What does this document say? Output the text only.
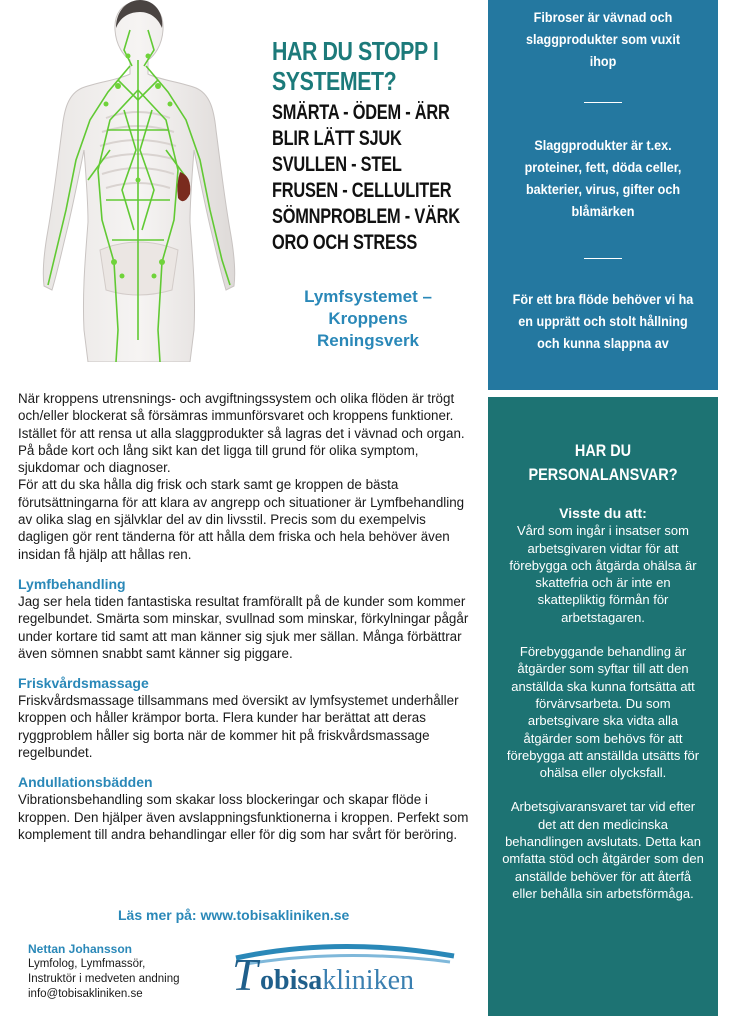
HAR DU STOPP I
SYSTEMET?
SMÄRTA - ÖDEM - ÄRR
BLIR LÄTT SJUK
SVULLEN - STEL
FRUSEN - CELLULITER
SÖMNPROBLEM - VÄRK
ORO OCH STRESS
Lymfsystemet –
Kroppens
Reningsverk
Fibroser är vävnad och slaggprodukter som vuxit ihop
Slaggprodukter är t.ex. proteiner, fett, döda celler, bakterier, virus, gifter och blåmärken
För ett bra flöde behöver vi ha en upprätt och stolt hållning och kunna slappna av
HAR DU
PERSONALANSVAR?
Visste du att:

Vård som ingår i insatser som arbetsgivaren vidtar för att förebygga och åtgärda ohälsa är skattefria och är inte en skattepliktig förmån för arbetstagaren.

Förebyggande behandling är åtgärder som syftar till att den anställda ska kunna fortsätta att förvärvsarbeta. Du som arbetsgivare ska vidta alla åtgärder som behövs för att förebygga att anställda utsätts för ohälsa eller olycksfall.

Arbetsgivaransvaret tar vid efter det att den medicinska behandlingen avslutats. Detta kan omfatta stöd och åtgärder som den anställde behöver för att återfå eller behålla sin arbetsförmåga.

När kroppens utrensnings- och avgiftningssystem och olika flöden är trögt och/eller blockerat så försämras immunförsvaret och kroppens funktioner. Istället för att rensa ut alla slaggprodukter så lagras det i vävnad och organ.

På både kort och lång sikt kan det ligga till grund för olika symptom, sjukdomar och diagnoser.

För att du ska hålla dig frisk och stark samt ge kroppen de bästa förutsättningarna för att klara av angrepp och situationer är Lymfbehandling av olika slag en självklar del av din livsstil. Precis som du exempelvis dagligen gör rent tänderna för att hålla dem friska och hela behöver även insidan få hjälp att hållas ren.

Lymfbehandling

Jag ser hela tiden fantastiska resultat framförallt på de kunder som kommer regelbundet. Smärta som minskar, svullnad som minskar, förkylningar pågår under kortare tid samt att man känner sig sjuk mer sällan. Många förbättrar även sömnen snabbt samt känner sig piggare.

Friskvårdsmassage

Friskvårdsmassage tillsammans med översikt av lymfsystemet underhåller kroppen och håller krämpor borta. Flera kunder har berättat att deras ryggproblem håller sig borta när de kommer hit på friskvårdsmassage regelbundet.

Andullationsbädden

Vibrationsbehandling som skakar loss blockeringar och skapar flöde i kroppen. Den hjälper även avslappningsfunktionerna i kroppen. Perfekt som komplement till andra behandlingar eller för dig som har svårt för beröring.

Läs mer på: www.tobisakliniken.se
Nettan Johansson
Lymfolog, Lymfmassör,
Instruktör i medveten andning
info@tobisakliniken.se	T obisakliniken
